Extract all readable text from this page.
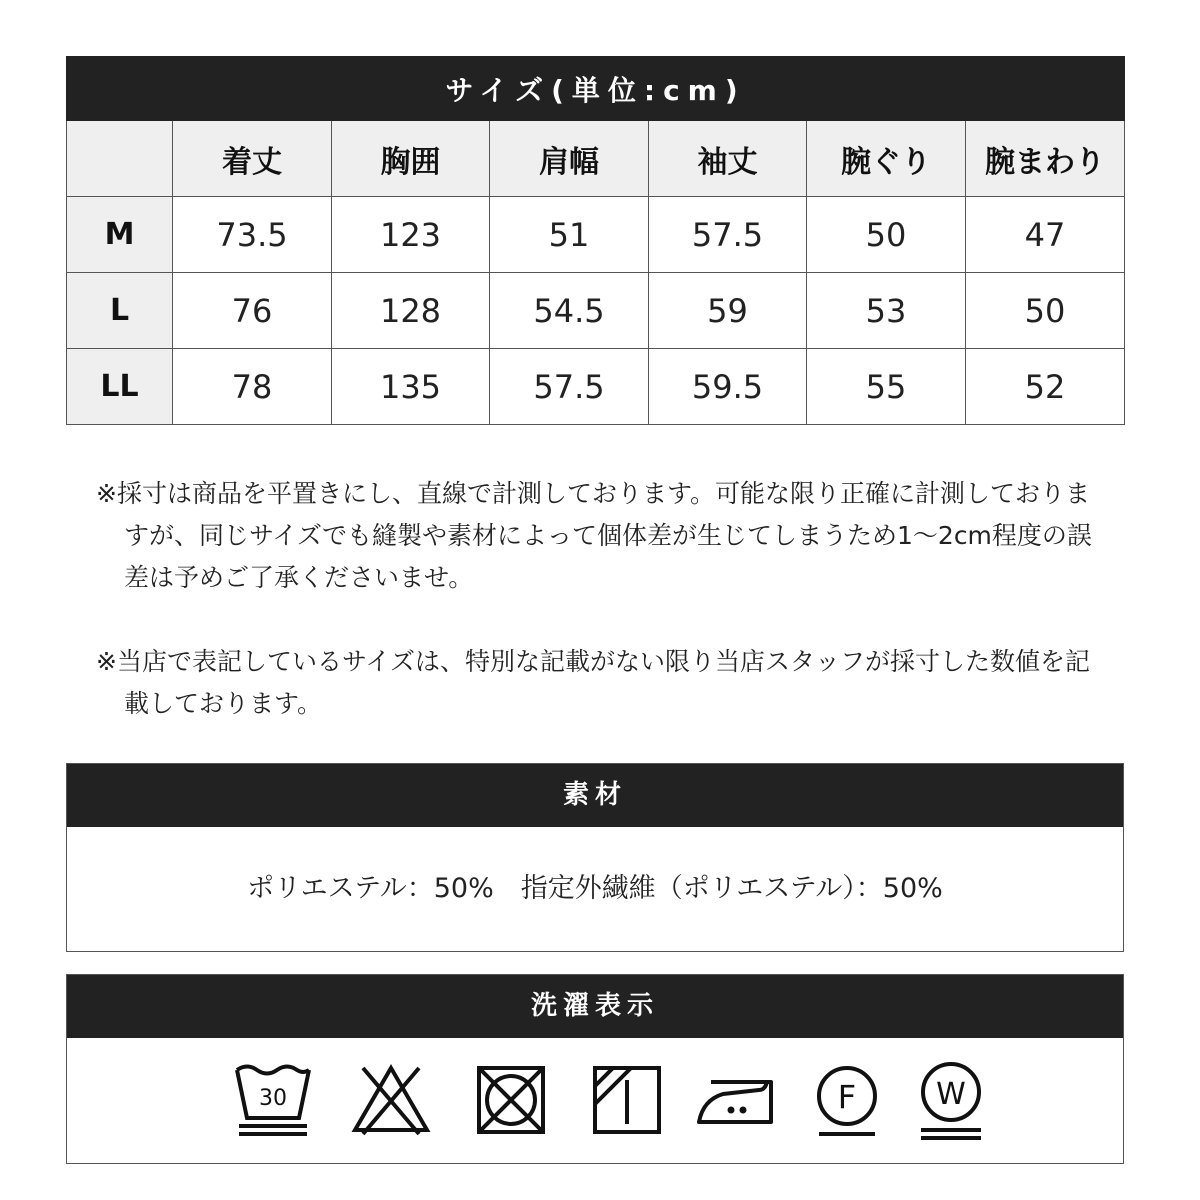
サイズ(単位:cm)						
	着丈	胸囲	肩幅	袖丈	腕ぐり	腕まわり
M	73.5	123	51	57.5	50	47
L	76	128	54.5	59	53	50
LL	78	135	57.5	59.5	55	52
※採寸は商品を平置きにし、直線で計測しております。可能な限り正確に計測しておりますが、同じサイズでも縫製や素材によって個体差が生じてしまうため1〜2cm程度の誤差は予めご了承くださいませ。
※当店で表記しているサイズは、特別な記載がない限り当店スタッフが採寸した数値を記載しております。
素材
ポリエステル：50%　指定外繊維（ポリエステル）：50%
洗濯表示
30	F	W
